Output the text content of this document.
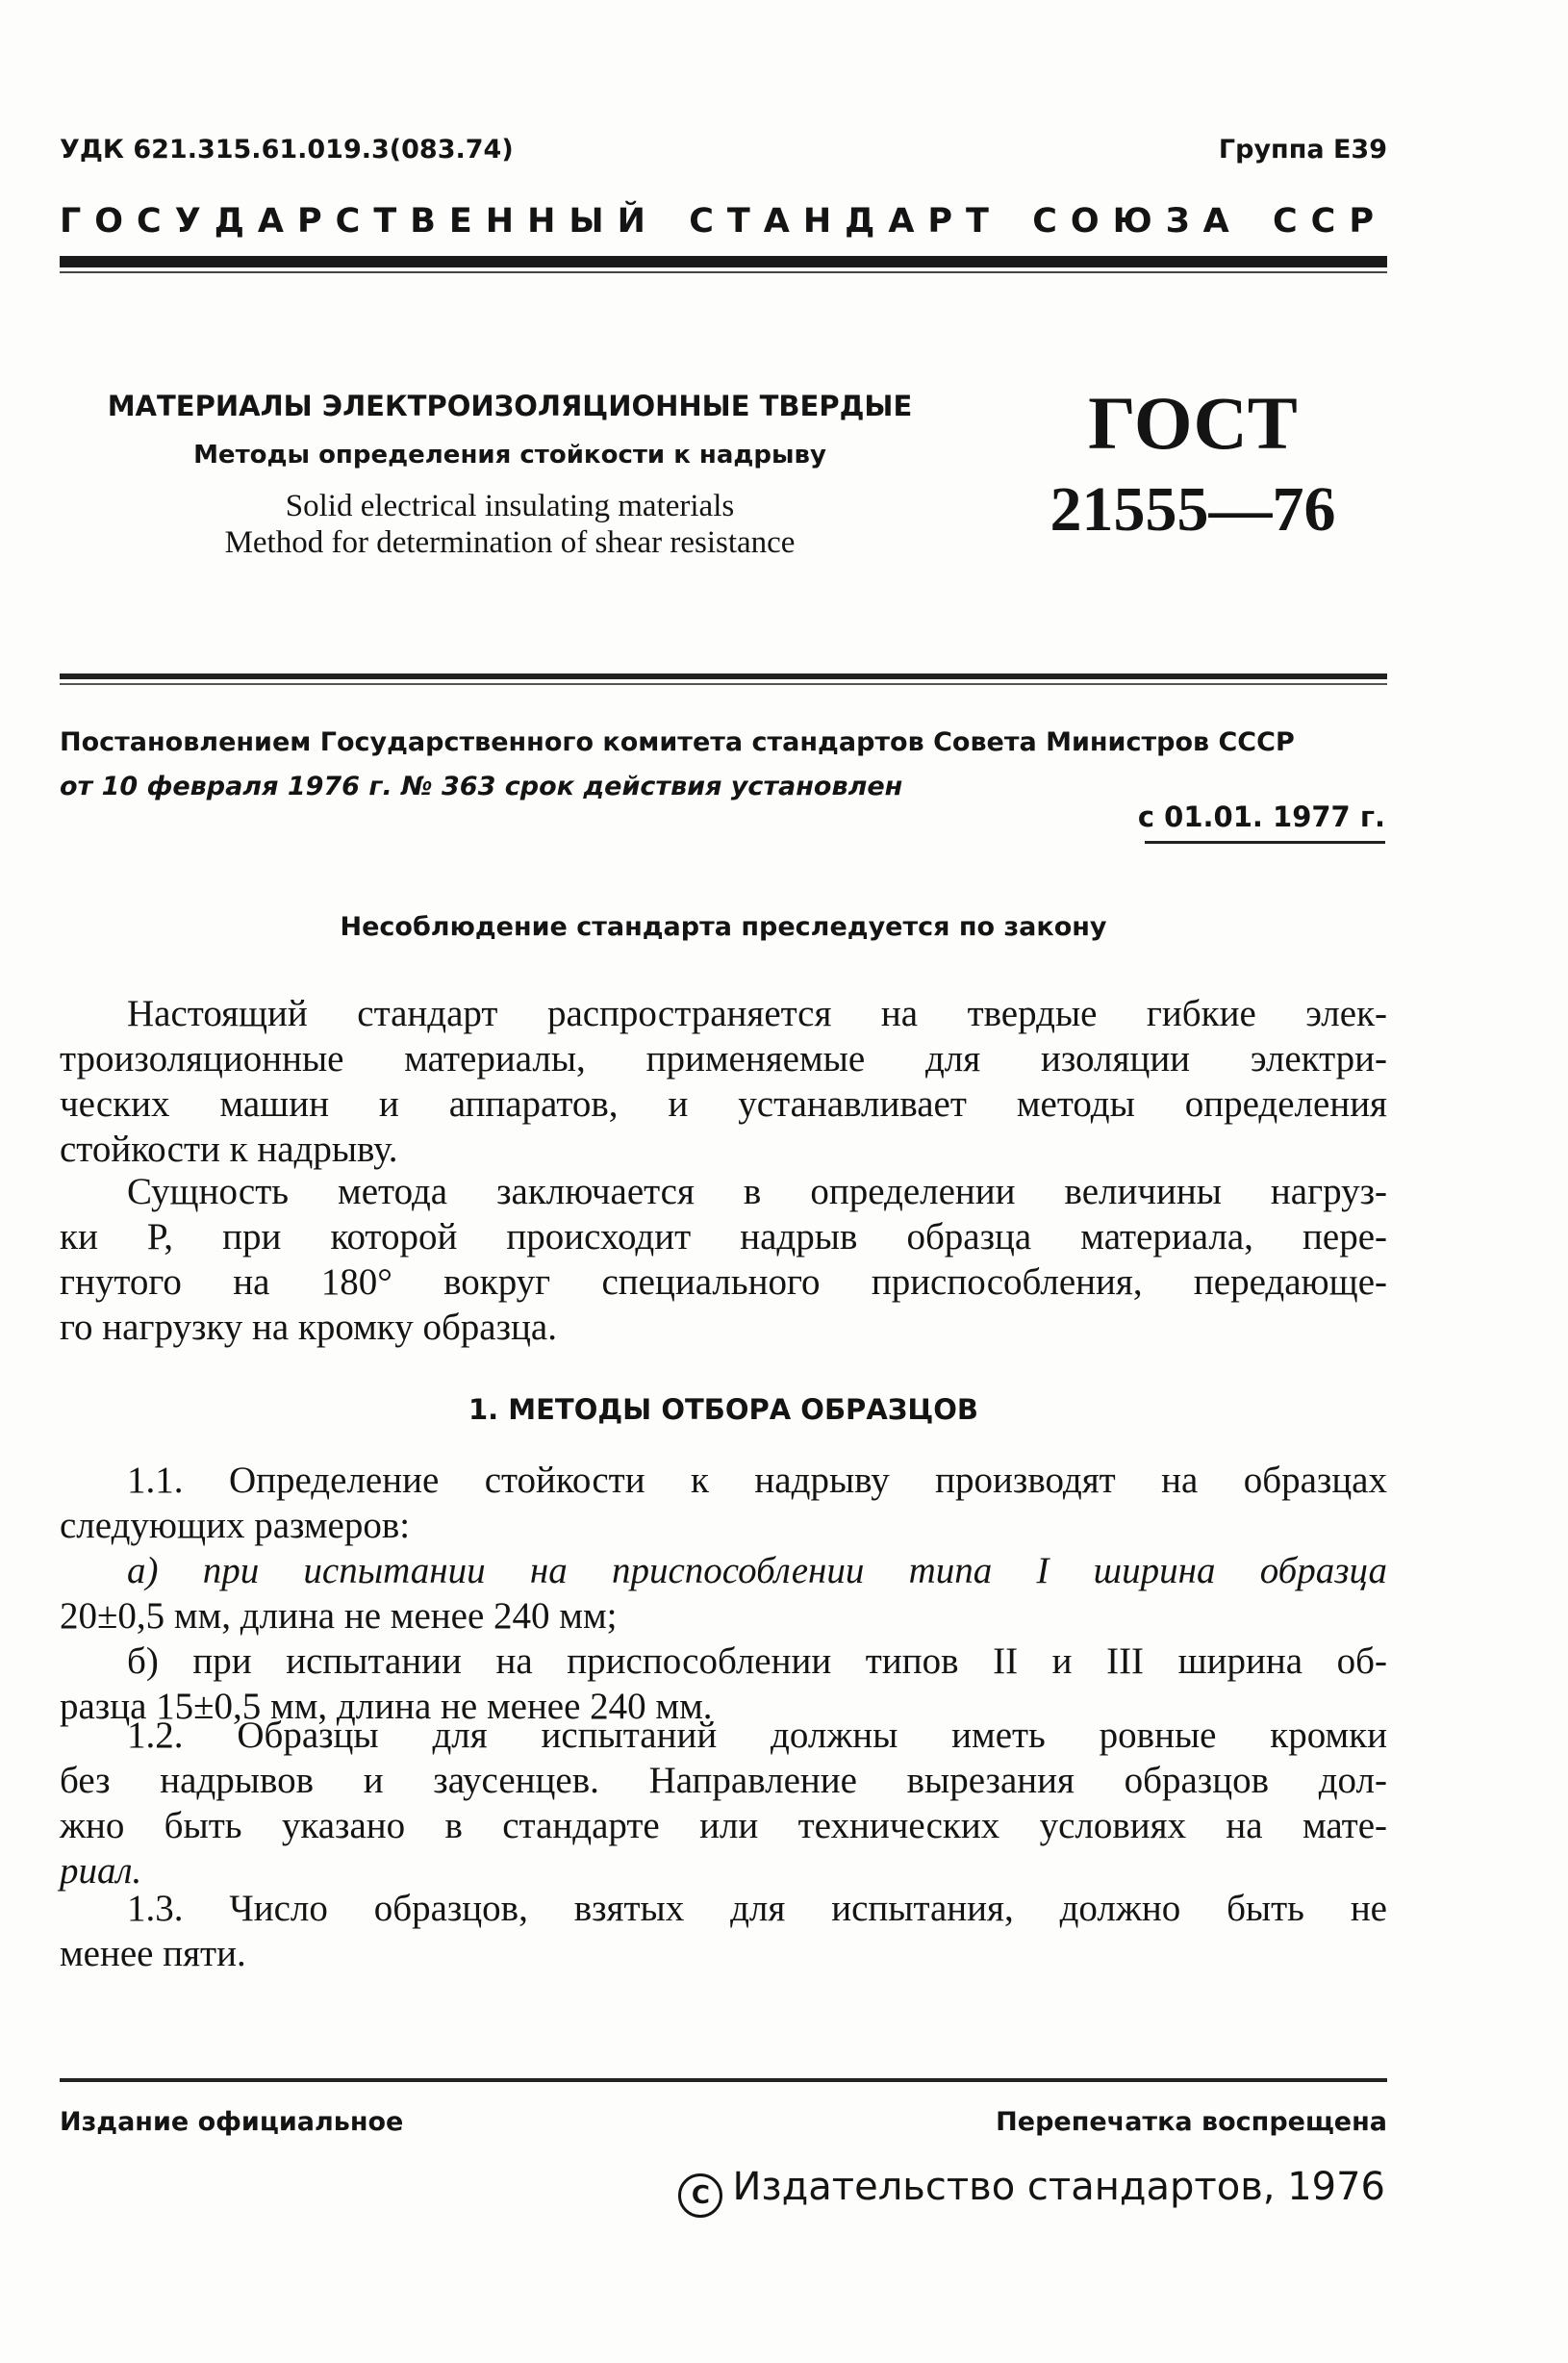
УДК 621.315.61.019.3(083.74)	Группа Е39
ГОСУДАРСТВЕННЫЙ СТАНДАРТ СОЮЗА ССР
МАТЕРИАЛЫ ЭЛЕКТРОИЗОЛЯЦИОННЫЕ ТВЕРДЫЕ
Методы определения стойкости к надрыву
Solid electrical insulating materials
Method for determination of shear resistance
ГОСТ
21555—76
Постановлением Государственного комитета стандартов Совета Министров СССР
от 10 февраля 1976 г. № 363 срок действия установлен
с 01.01. 1977 г.
Несоблюдение стандарта преследуется по закону
Настоящий стандарт распространяется на твердые гибкие элек-
троизоляционные материалы, применяемые для изоляции электри-
ческих машин и аппаратов, и устанавливает методы определения
стойкости к надрыву.
Сущность метода заключается в определении величины нагруз-
ки P, при которой происходит надрыв образца материала, пере-
гнутого на 180° вокруг специального приспособления, передающе-
го нагрузку на кромку образца.
1. МЕТОДЫ ОТБОРА ОБРАЗЦОВ
1.1. Определение стойкости к надрыву производят на образцах
следующих размеров:
а) при испытании на приспособлении типа I ширина образца
20±0,5 мм, длина не менее 240 мм;
б) при испытании на приспособлении типов II и III ширина об-
разца 15±0,5 мм, длина не менее 240 мм.
1.2. Образцы для испытаний должны иметь ровные кромки
без надрывов и заусенцев. Направление вырезания образцов дол-
жно быть указано в стандарте или технических условиях на мате-
риал.
1.3. Число образцов, взятых для испытания, должно быть не
менее пяти.
Издание официальное	Перепечатка воспрещена
C Издательство стандартов, 1976
